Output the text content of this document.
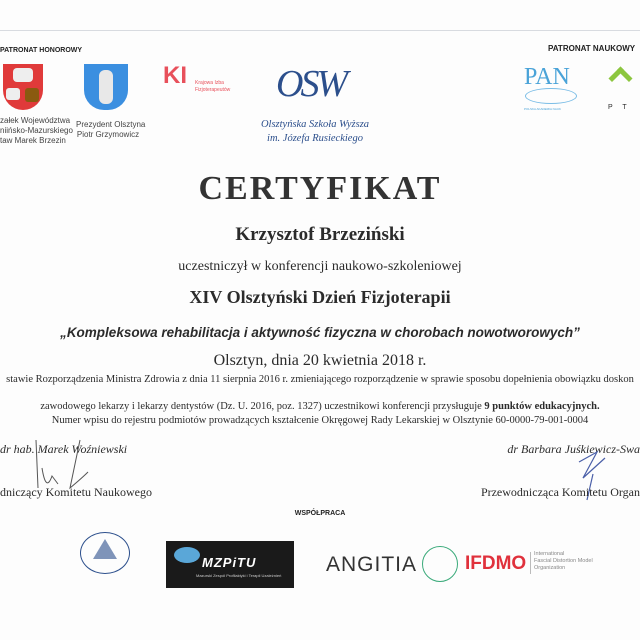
PATRONAT HONOROWY	PATRONAT NAUKOWY
załek Województwa
niińsko-Mazurskiego
taw Marek Brzezin
Prezydent Olsztyna
Piotr Grzymowicz
KI Krajowa Izba
Fizjoterapeutów OSW
Olsztyńska Szkoła Wyższa
im. Józefa Rusieckiego
PAN
POLSKA AKADEMIA NAUK	P T
CERTYFIKAT
Krzysztof Brzeziński
uczestniczył w konferencji naukowo-szkoleniowej
XIV Olsztyński Dzień Fizjoterapii
„Kompleksowa rehabilitacja i aktywność fizyczna w chorobach nowotworowych”
Olsztyn, dnia 20 kwietnia 2018 r.
stawie Rozporządzenia Ministra Zdrowia z dnia 11 sierpnia 2016 r. zmieniającego rozporządzenie w sprawie sposobu dopełnienia obowiązku doskon
zawodowego lekarzy i lekarzy dentystów (Dz. U. 2016, poz. 1327) uczestnikowi konferencji przysługuje 9 punktów edukacyjnych.
Numer wpisu do rejestru podmiotów prowadzących kształcenie Okręgowej Rady Lekarskiej w Olsztynie 60-0000-79-001-0004
dr hab. Marek Woźniewski
dniczący Komitetu Naukowego
dr Barbara Juśkiewicz-Swa
Przewodnicząca Komitetu Organ
WSPÓŁPRACA
MZPiTU
Mazurski Zespół Profilaktyki i Terapii Uzależnień ANGITIA	IFDMO International
Fascial Distortion Model
Organization
